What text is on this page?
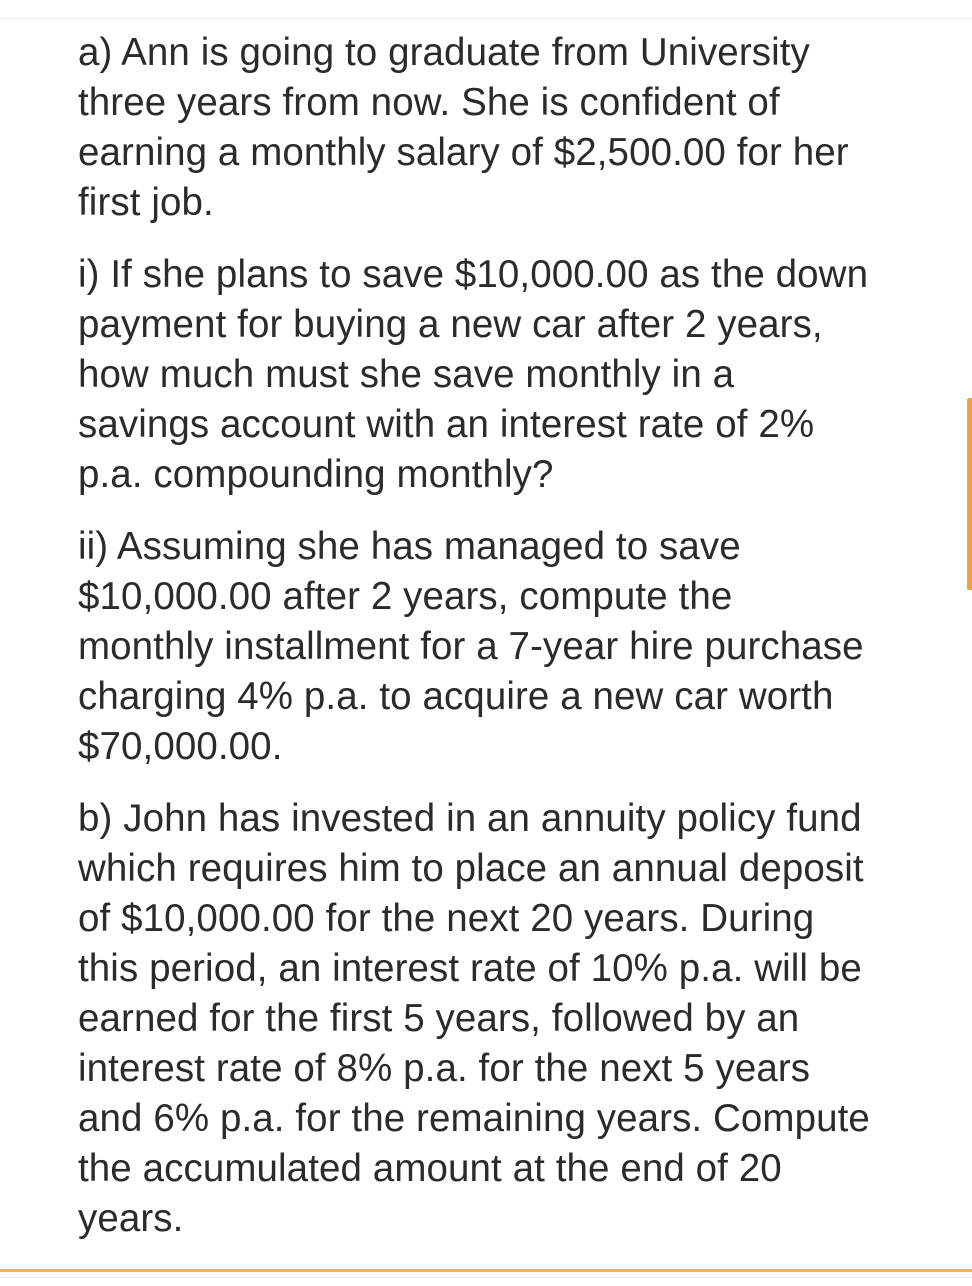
a) Ann is going to graduate from University
three years from now. She is confident of
earning a monthly salary of $2,500.00 for her
first job.

i) If she plans to save $10,000.00 as the down
payment for buying a new car after 2 years,
how much must she save monthly in a
savings account with an interest rate of 2%
p.a. compounding monthly?

ii) Assuming she has managed to save
$10,000.00 after 2 years, compute the
monthly installment for a 7-year hire purchase
charging 4% p.a. to acquire a new car worth
$70,000.00.

b) John has invested in an annuity policy fund
which requires him to place an annual deposit
of $10,000.00 for the next 20 years. During
this period, an interest rate of 10% p.a. will be
earned for the first 5 years, followed by an
interest rate of 8% p.a. for the next 5 years
and 6% p.a. for the remaining years. Compute
the accumulated amount at the end of 20
years.
